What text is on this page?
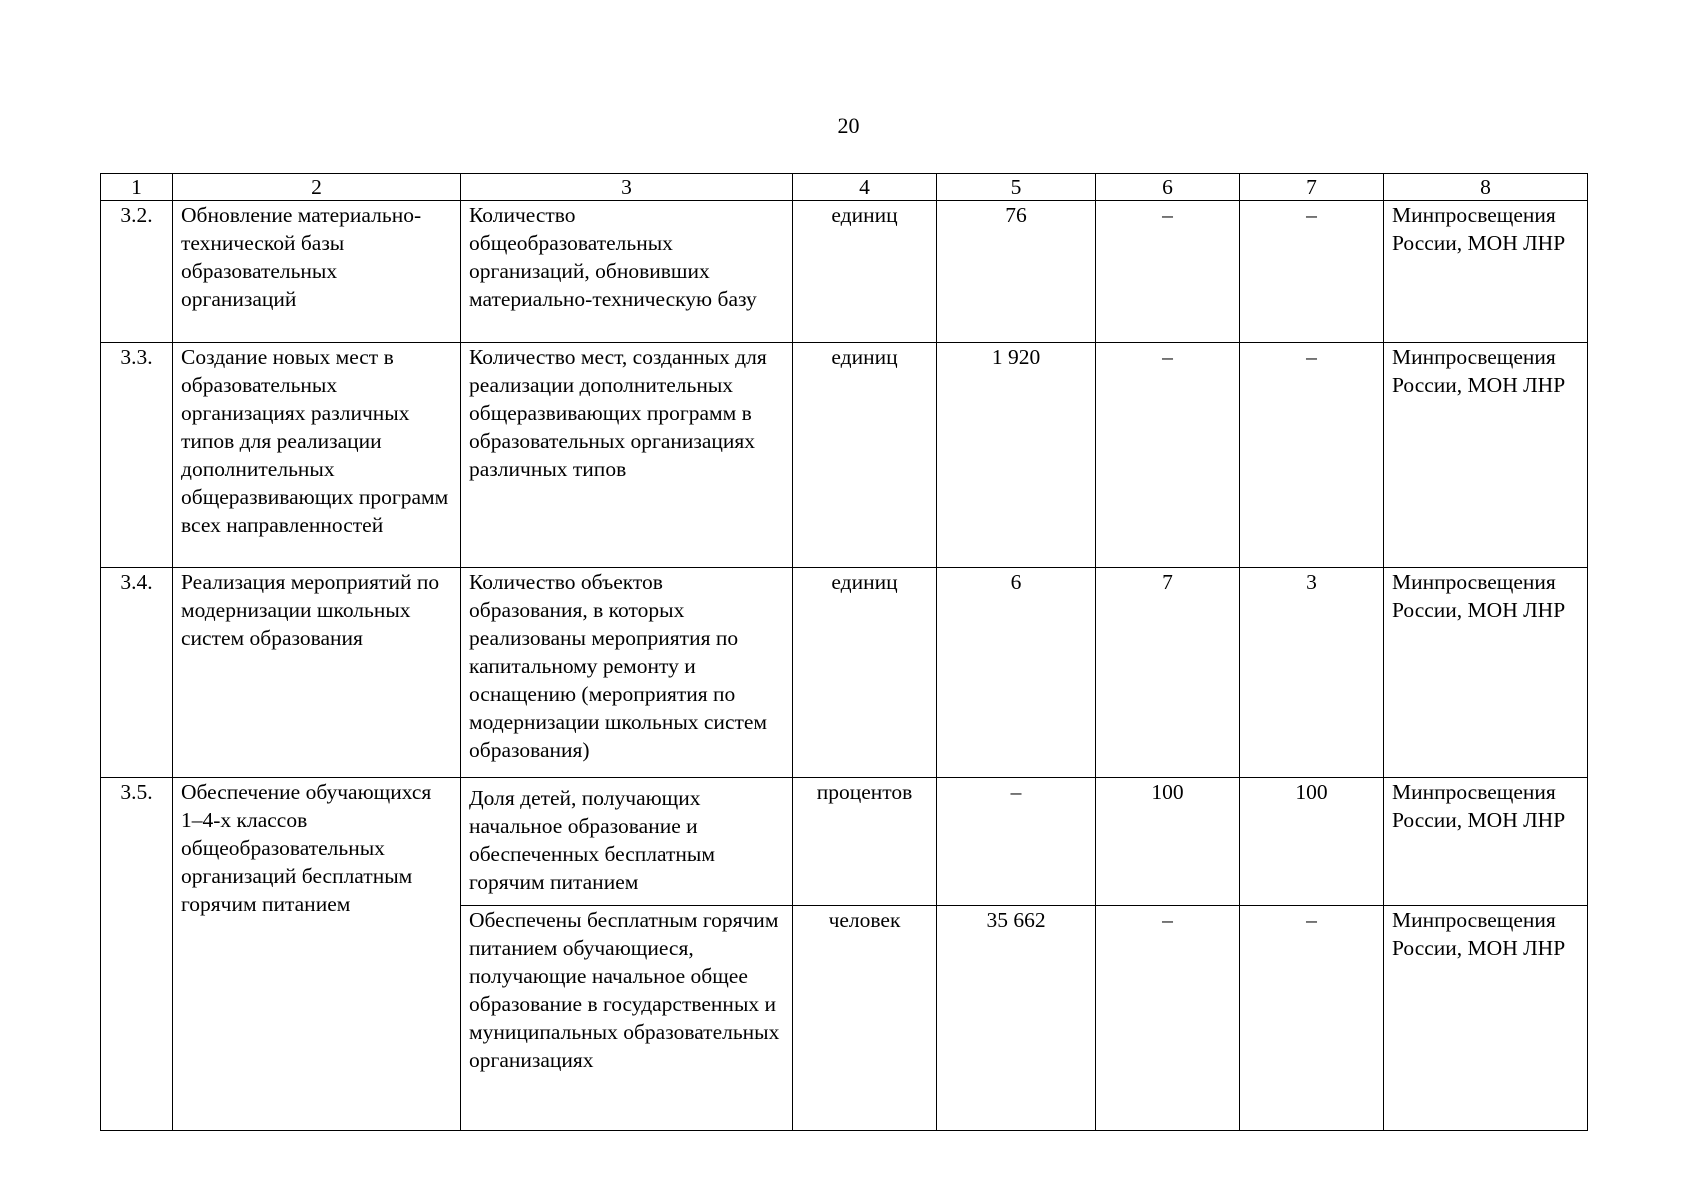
20
1	2	3	4	5	6	7	8
3.2.	Обновление материально-технической базы образовательных организаций	Количество общеобразовательных организаций, обновивших материально-техническую базу	единиц	76	–	–	Минпросвещения России, МОН ЛНР
3.3.	Создание новых мест в образовательных организациях различных типов для реализации дополнительных общеразвивающих программ всех направленностей	Количество мест, созданных для реализации дополнительных общеразвивающих программ в образовательных организациях различных типов	единиц	1 920	–	–	Минпросвещения России, МОН ЛНР
3.4.	Реализация мероприятий по модернизации школьных систем образования	Количество объектов образования, в которых реализованы мероприятия по капитальному ремонту и оснащению (мероприятия по модернизации школьных систем образования)	единиц	6	7	3	Минпросвещения России, МОН ЛНР
3.5.	Обеспечение обучающихся 1–4-х классов общеобразовательных организаций бесплатным горячим питанием	Доля детей, получающих начальное образование и обеспеченных бесплатным горячим питанием	процентов	–	100	100	Минпросвещения России, МОН ЛНР
		Обеспечены бесплатным горячим питанием обучающиеся, получающие начальное общее образование в государственных и муниципальных образовательных организациях	человек	35 662	–	–	Минпросвещения России, МОН ЛНР
